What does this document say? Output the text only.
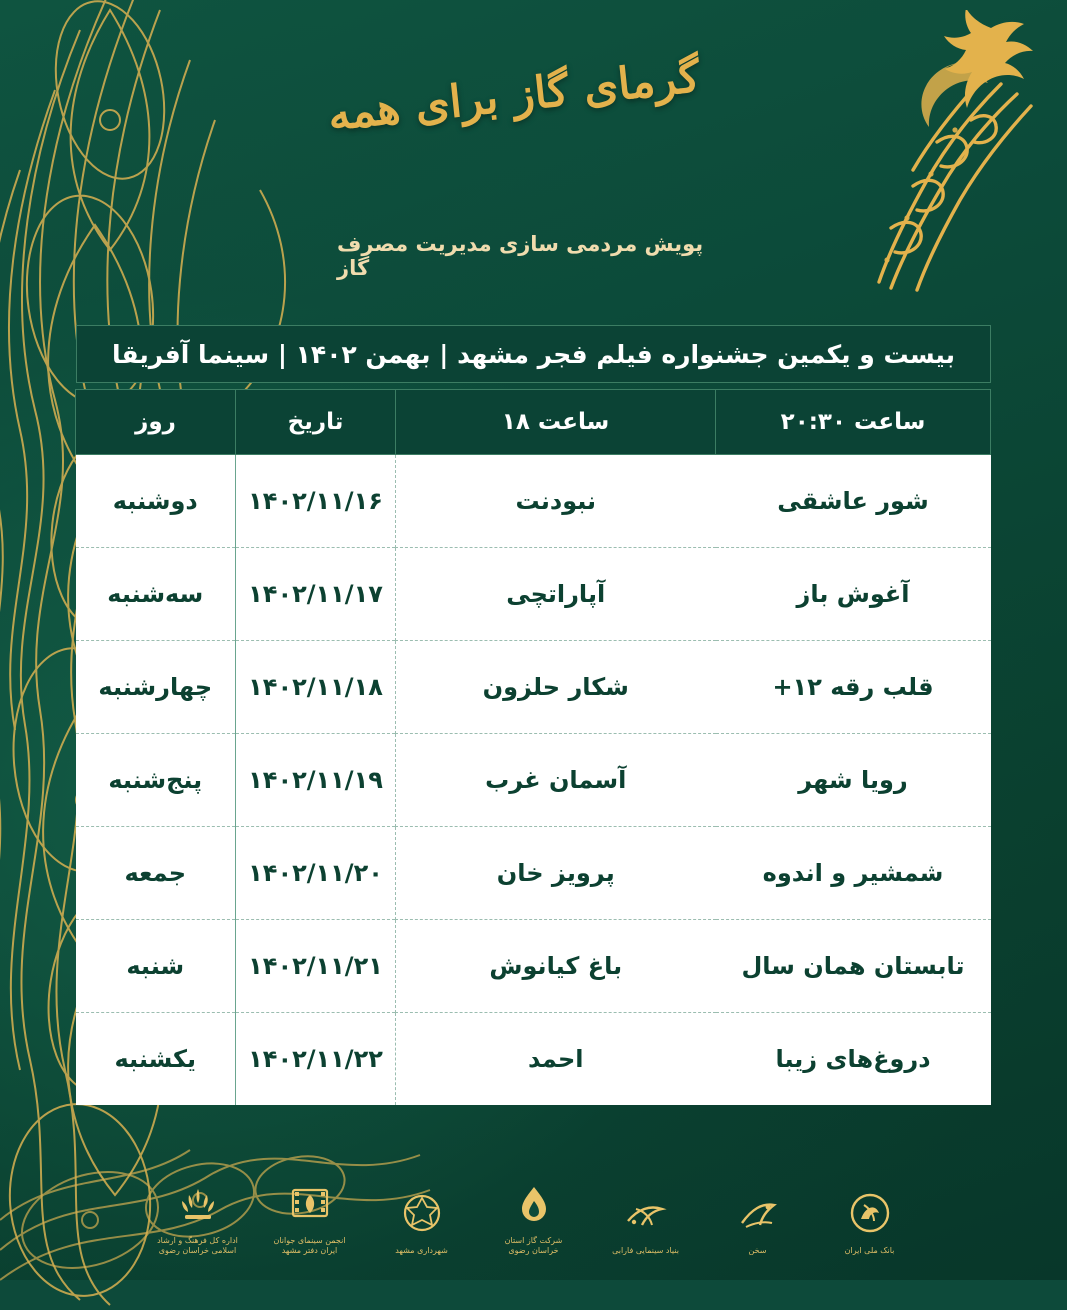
گرمای گاز برای همه
پویش مردمی سازی مدیریت مصرف گاز
بیست و یکمین جشنواره فیلم فجر مشهد | بهمن ۱۴۰۲ | سینما آفریقا
ساعت ۲۰:۳۰	ساعت ۱۸	تاریخ	روز
شور عاشقی	نبودنت	۱۴۰۲/۱۱/۱۶	دوشنبه
آغوش باز	آپاراتچی	۱۴۰۲/۱۱/۱۷	سه‌شنبه
قلب رقه ۱۲+	شکار حلزون	۱۴۰۲/۱۱/۱۸	چهارشنبه
رویا شهر	آسمان غرب	۱۴۰۲/۱۱/۱۹	پنج‌شنبه
شمشیر و اندوه	پرویز خان	۱۴۰۲/۱۱/۲۰	جمعه
تابستان همان سال	باغ کیانوش	۱۴۰۲/۱۱/۲۱	شنبه
دروغ‌های زیبا	احمد	۱۴۰۲/۱۱/۲۲	یکشنبه
بانک ملی ایران
سخن
بنیاد سینمایی فارابی
شرکت گاز استان خراسان رضوی
شهرداری مشهد
انجمن سینمای جوانان ایران دفتر مشهد
اداره کل فرهنگ و ارشاد اسلامی خراسان رضوی
